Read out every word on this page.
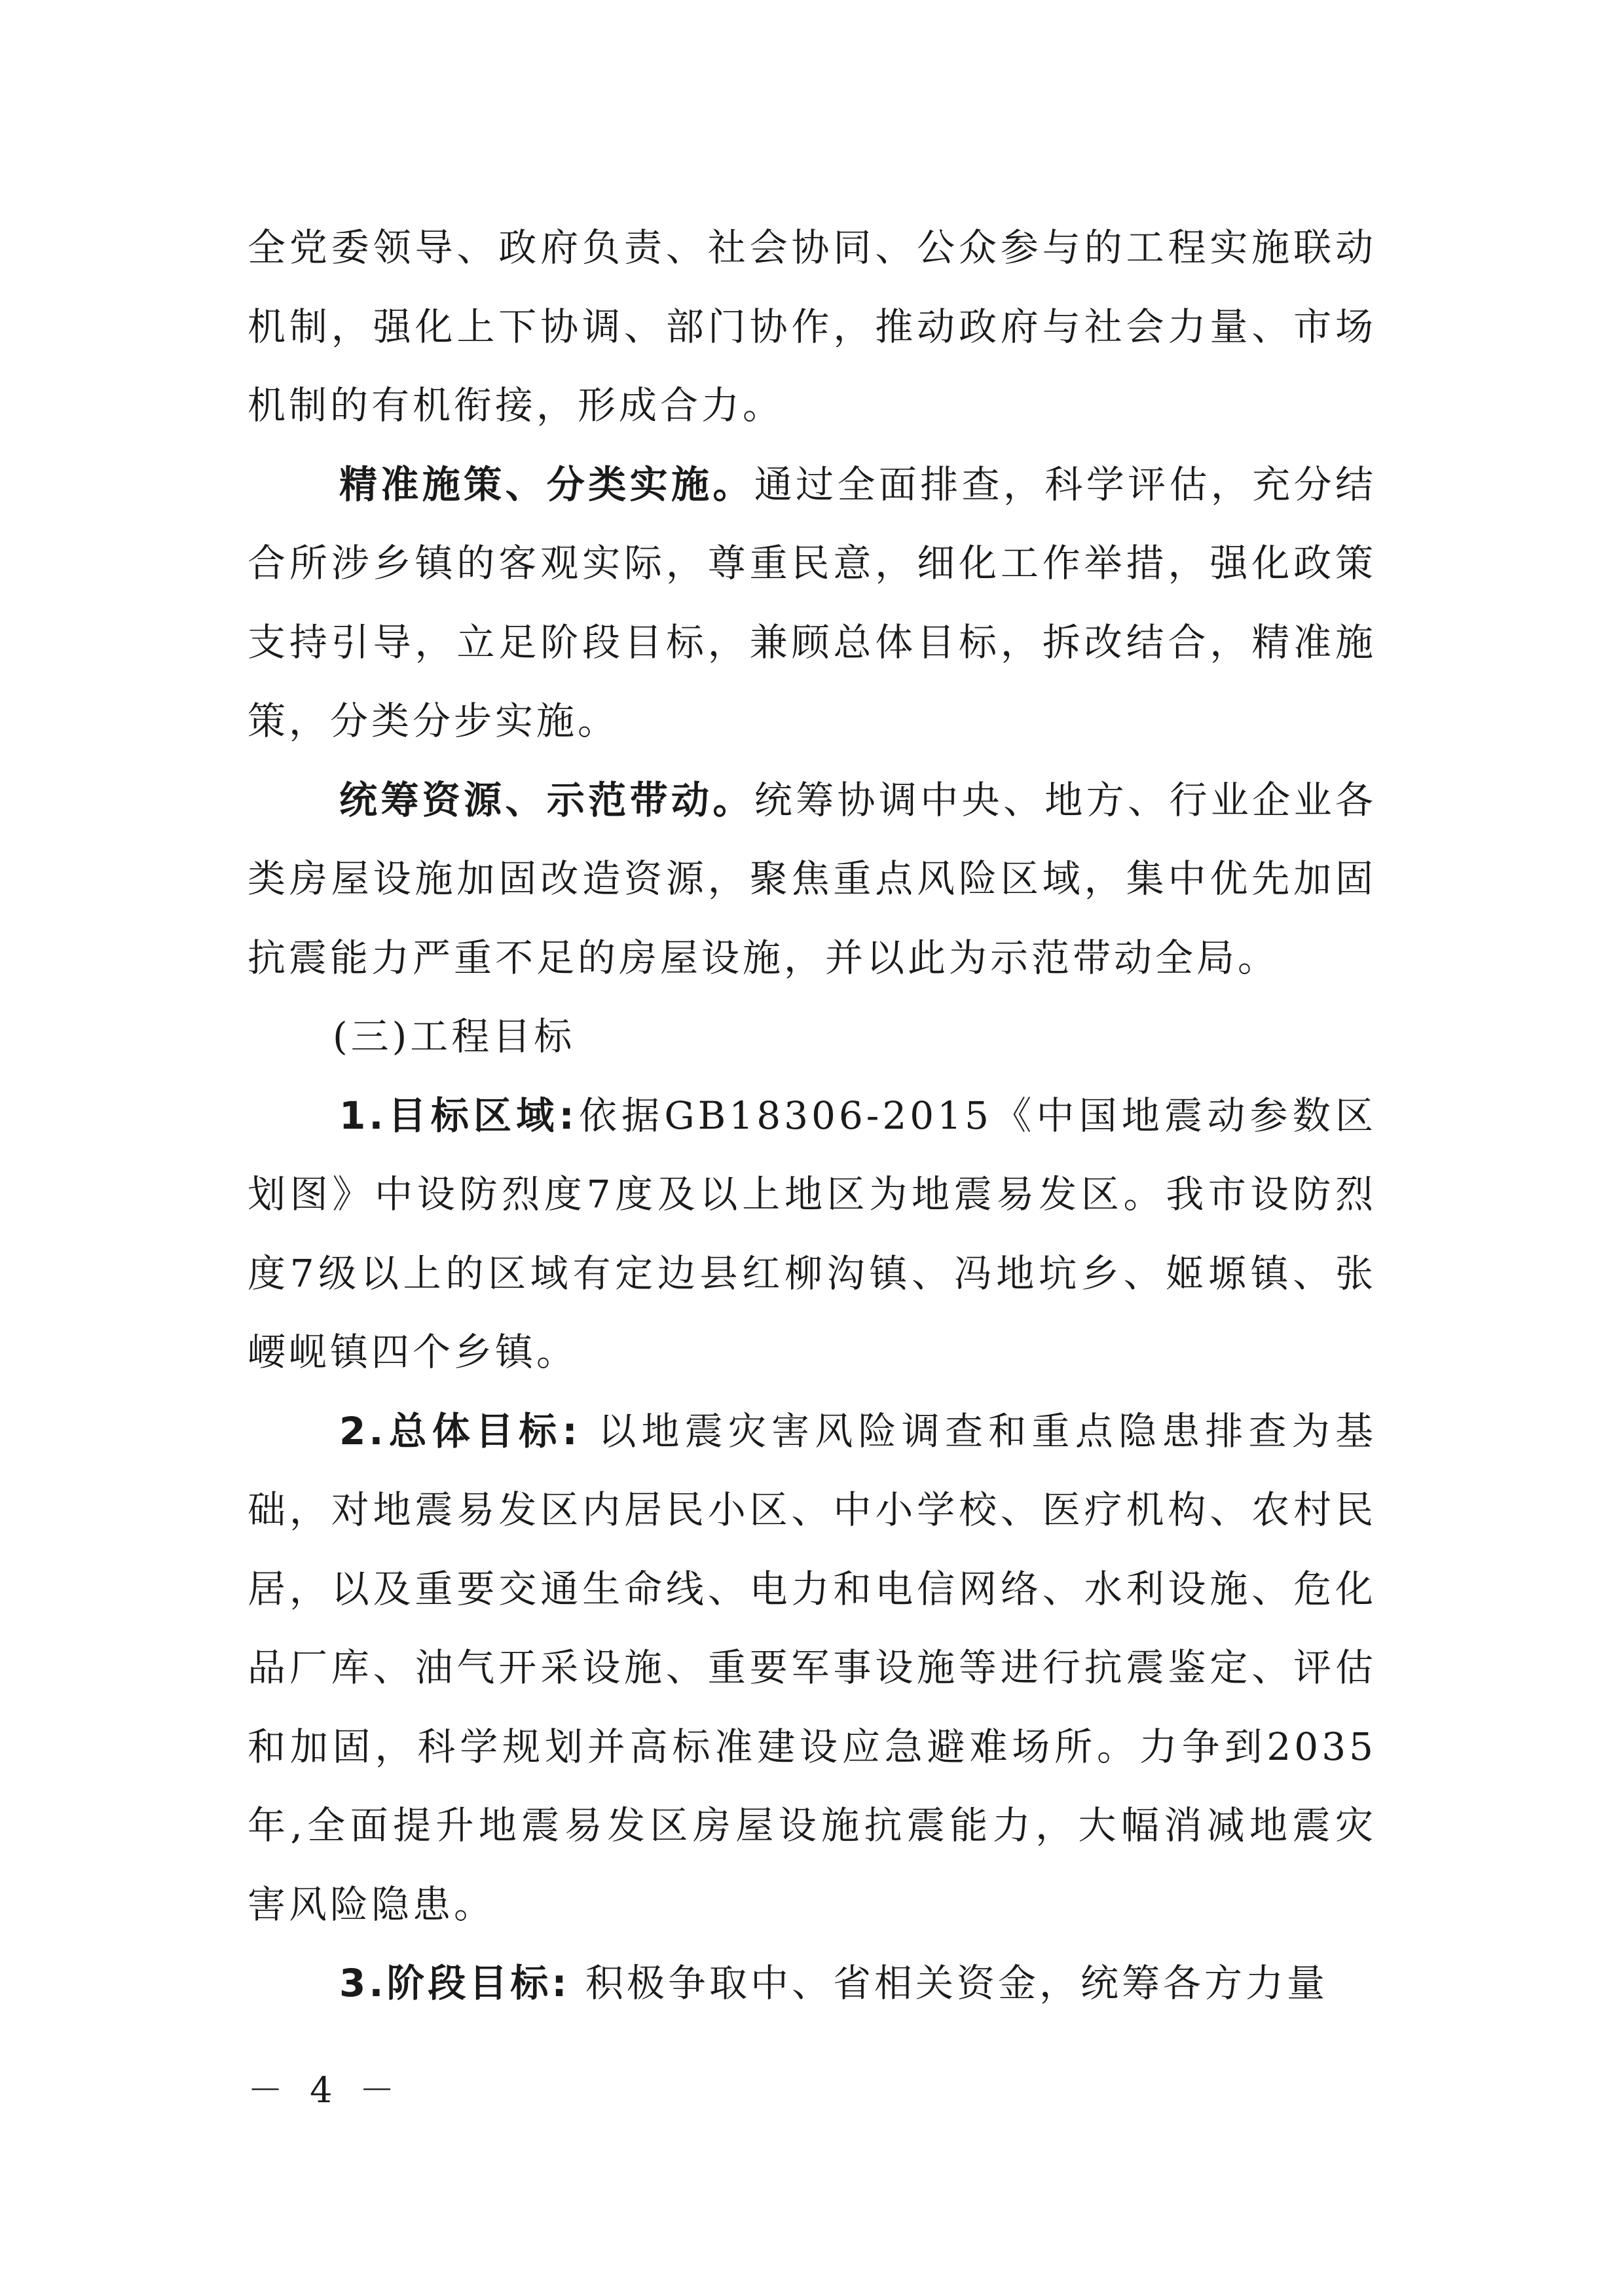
全党委领导、政府负责、社会协同、公众参与的工程实施联动机制，强化上下协调、部门协作，推动政府与社会力量、市场机制的有机衔接，形成合力。

精准施策、分类实施。通过全面排查，科学评估，充分结合所涉乡镇的客观实际，尊重民意，细化工作举措，强化政策支持引导，立足阶段目标，兼顾总体目标，拆改结合，精准施策，分类分步实施。

统筹资源、示范带动。统筹协调中央、地方、行业企业各类房屋设施加固改造资源，聚焦重点风险区域，集中优先加固抗震能力严重不足的房屋设施，并以此为示范带动全局。

(三)工程目标

1.目标区域:依据GB18306-2015《中国地震动参数区划图》中设防烈度7度及以上地区为地震易发区。我市设防烈度7级以上的区域有定边县红柳沟镇、冯地坑乡、姬塬镇、张崾岘镇四个乡镇。

2.总体目标: 以地震灾害风险调查和重点隐患排查为基础，对地震易发区内居民小区、中小学校、医疗机构、农村民居，以及重要交通生命线、电力和电信网络、水利设施、危化品厂库、油气开采设施、重要军事设施等进行抗震鉴定、评估和加固，科学规划并高标准建设应急避难场所。力争到2035年,全面提升地震易发区房屋设施抗震能力，大幅消减地震灾害风险隐患。

3.阶段目标: 积极争取中、省相关资金，统筹各方力量

－ 4 －
